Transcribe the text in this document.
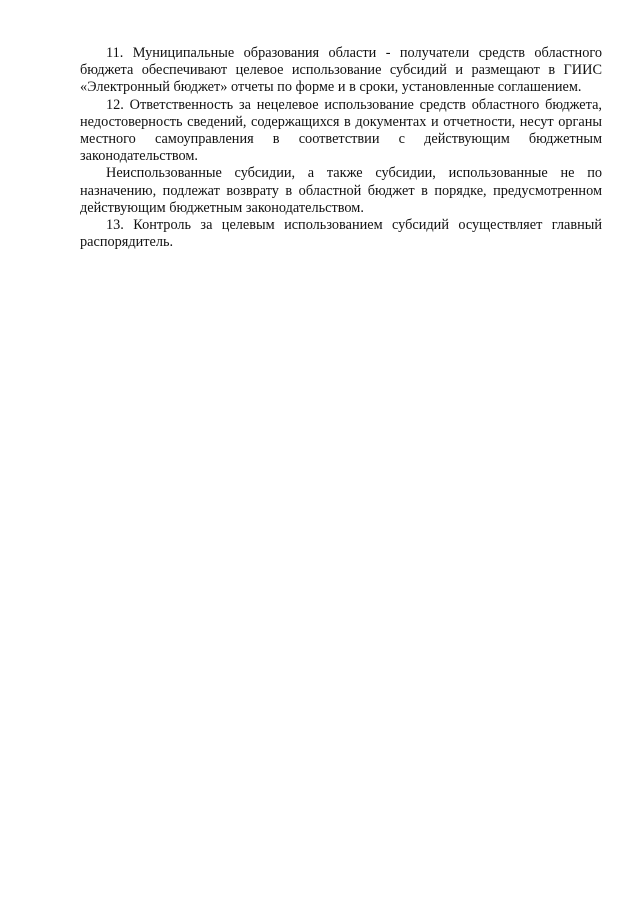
11. Муниципальные образования области - получатели средств областного бюджета обеспечивают целевое использование субсидий и размещают в ГИИС «Электронный бюджет» отчеты по форме и в сроки, установленные соглашением.

12. Ответственность за нецелевое использование средств областного бюджета, недостоверность сведений, содержащихся в документах и отчетности, несут органы местного самоуправления в соответствии с действующим бюджетным законодательством.

Неиспользованные субсидии, а также субсидии, использованные не по назначению, подлежат возврату в областной бюджет в порядке, предусмотренном действующим бюджетным законодательством.

13. Контроль за целевым использованием субсидий осуществляет главный распорядитель.
